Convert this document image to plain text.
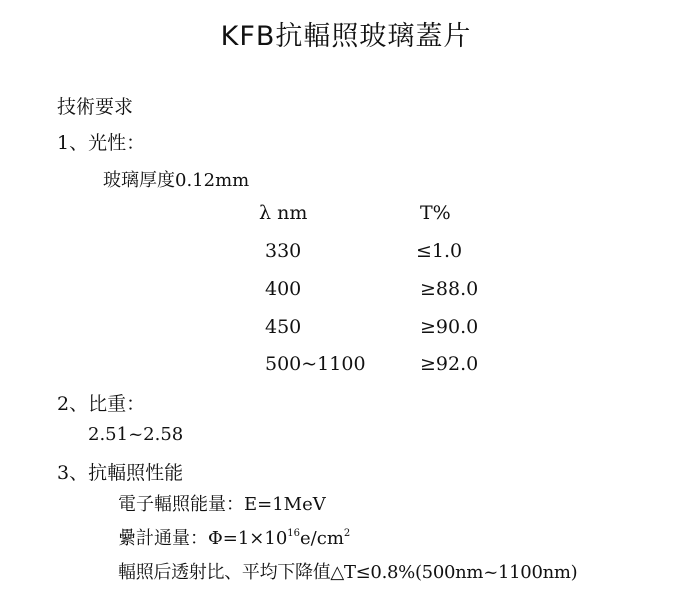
KFB抗輻照玻璃蓋片
技術要求
1、光性：
玻璃厚度0.12mm
λ nm	T%
330	≤1.0
400	≥88.0
450	≥90.0
500~1100	≥92.0
2、比重：
2.51~2.58
3、抗輻照性能
電子輻照能量：E=1MeV
纍計通量：$\Phi=1\times 10^{16}e/cm^2$
輻照后透射比、平均下降值△T≤0.8%(500nm~1100nm)
